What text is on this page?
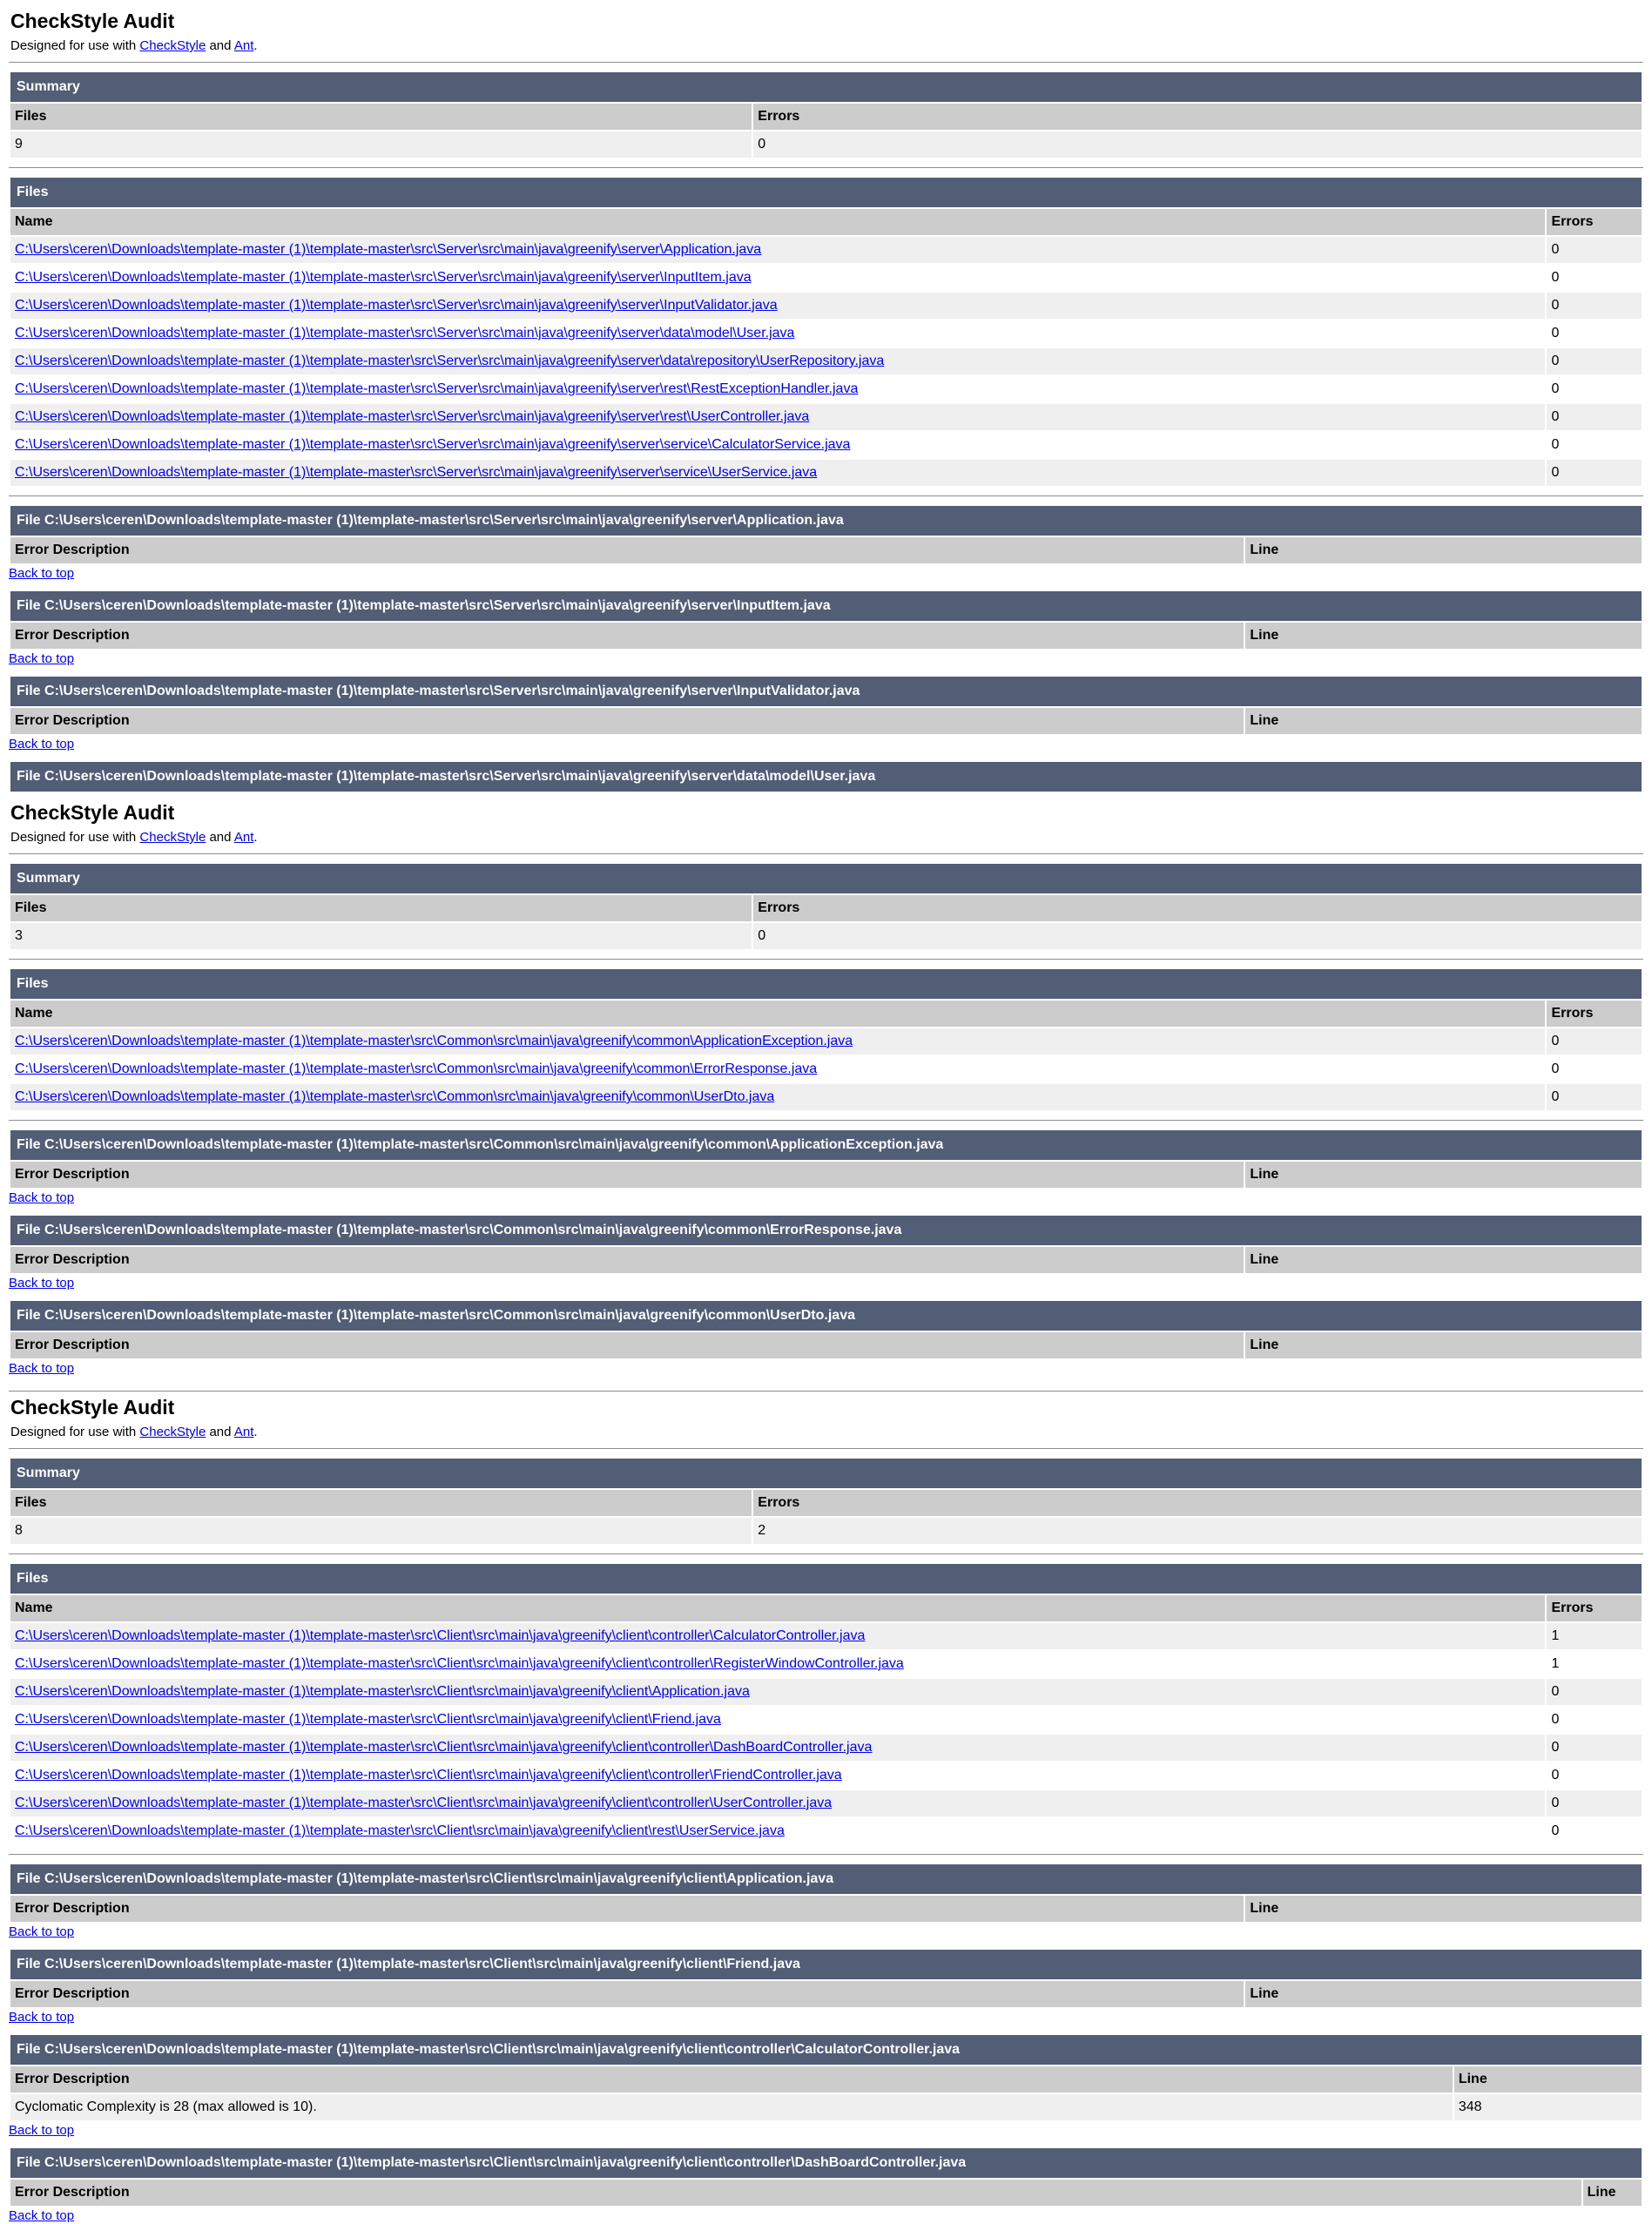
CheckStyle Audit

Designed for use with CheckStyle and Ant.

Summary
Files	Errors
9	0
Files
Name	Errors
C:\Users\ceren\Downloads\template-master (1)\template-master\src\Server\src\main\java\greenify\server\Application.java	0
C:\Users\ceren\Downloads\template-master (1)\template-master\src\Server\src\main\java\greenify\server\InputItem.java	0
C:\Users\ceren\Downloads\template-master (1)\template-master\src\Server\src\main\java\greenify\server\InputValidator.java	0
C:\Users\ceren\Downloads\template-master (1)\template-master\src\Server\src\main\java\greenify\server\data\model\User.java	0
C:\Users\ceren\Downloads\template-master (1)\template-master\src\Server\src\main\java\greenify\server\data\repository\UserRepository.java	0
C:\Users\ceren\Downloads\template-master (1)\template-master\src\Server\src\main\java\greenify\server\rest\RestExceptionHandler.java	0
C:\Users\ceren\Downloads\template-master (1)\template-master\src\Server\src\main\java\greenify\server\rest\UserController.java	0
C:\Users\ceren\Downloads\template-master (1)\template-master\src\Server\src\main\java\greenify\server\service\CalculatorService.java	0
C:\Users\ceren\Downloads\template-master (1)\template-master\src\Server\src\main\java\greenify\server\service\UserService.java	0
File C:\Users\ceren\Downloads\template-master (1)\template-master\src\Server\src\main\java\greenify\server\Application.java
Error Description	Line
Back to top
File C:\Users\ceren\Downloads\template-master (1)\template-master\src\Server\src\main\java\greenify\server\InputItem.java
Error Description	Line
Back to top
File C:\Users\ceren\Downloads\template-master (1)\template-master\src\Server\src\main\java\greenify\server\InputValidator.java
Error Description	Line
Back to top
File C:\Users\ceren\Downloads\template-master (1)\template-master\src\Server\src\main\java\greenify\server\data\model\User.java
CheckStyle Audit

Designed for use with CheckStyle and Ant.

Summary
Files	Errors
3	0
Files
Name	Errors
C:\Users\ceren\Downloads\template-master (1)\template-master\src\Common\src\main\java\greenify\common\ApplicationException.java	0
C:\Users\ceren\Downloads\template-master (1)\template-master\src\Common\src\main\java\greenify\common\ErrorResponse.java	0
C:\Users\ceren\Downloads\template-master (1)\template-master\src\Common\src\main\java\greenify\common\UserDto.java	0
File C:\Users\ceren\Downloads\template-master (1)\template-master\src\Common\src\main\java\greenify\common\ApplicationException.java
Error Description	Line
Back to top
File C:\Users\ceren\Downloads\template-master (1)\template-master\src\Common\src\main\java\greenify\common\ErrorResponse.java
Error Description	Line
Back to top
File C:\Users\ceren\Downloads\template-master (1)\template-master\src\Common\src\main\java\greenify\common\UserDto.java
Error Description	Line
Back to top
CheckStyle Audit

Designed for use with CheckStyle and Ant.

Summary
Files	Errors
8	2
Files
Name	Errors
C:\Users\ceren\Downloads\template-master (1)\template-master\src\Client\src\main\java\greenify\client\controller\CalculatorController.java	1
C:\Users\ceren\Downloads\template-master (1)\template-master\src\Client\src\main\java\greenify\client\controller\RegisterWindowController.java	1
C:\Users\ceren\Downloads\template-master (1)\template-master\src\Client\src\main\java\greenify\client\Application.java	0
C:\Users\ceren\Downloads\template-master (1)\template-master\src\Client\src\main\java\greenify\client\Friend.java	0
C:\Users\ceren\Downloads\template-master (1)\template-master\src\Client\src\main\java\greenify\client\controller\DashBoardController.java	0
C:\Users\ceren\Downloads\template-master (1)\template-master\src\Client\src\main\java\greenify\client\controller\FriendController.java	0
C:\Users\ceren\Downloads\template-master (1)\template-master\src\Client\src\main\java\greenify\client\controller\UserController.java	0
C:\Users\ceren\Downloads\template-master (1)\template-master\src\Client\src\main\java\greenify\client\rest\UserService.java	0
File C:\Users\ceren\Downloads\template-master (1)\template-master\src\Client\src\main\java\greenify\client\Application.java
Error Description	Line
Back to top
File C:\Users\ceren\Downloads\template-master (1)\template-master\src\Client\src\main\java\greenify\client\Friend.java
Error Description	Line
Back to top
File C:\Users\ceren\Downloads\template-master (1)\template-master\src\Client\src\main\java\greenify\client\controller\CalculatorController.java
Error Description	Line
Cyclomatic Complexity is 28 (max allowed is 10).	348
Back to top
File C:\Users\ceren\Downloads\template-master (1)\template-master\src\Client\src\main\java\greenify\client\controller\DashBoardController.java
Error Description	Line
Back to top
